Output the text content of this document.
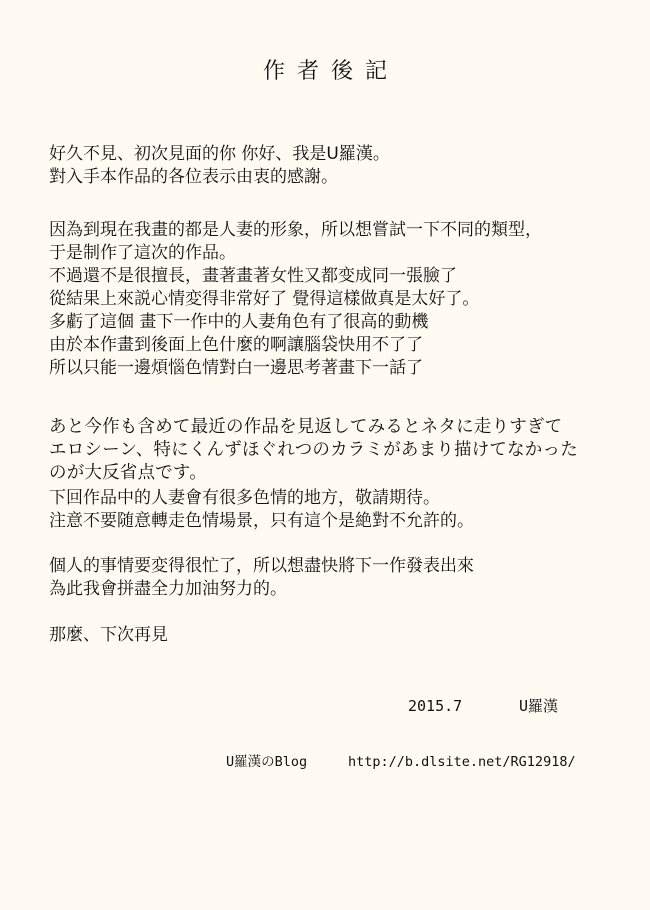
作者後記
好久不見、初次見面的你 你好、我是U羅漢。
對入手本作品的各位表示由衷的感謝。
因為到現在我畫的都是人妻的形象，所以想嘗試一下不同的類型，
于是制作了這次的作品。
不過還不是很擅長，畫著畫著女性又都变成同一張臉了
從結果上來説心情変得非常好了 覺得這樣做真是太好了。
多虧了這個 畫下一作中的人妻角色有了很高的動機
由於本作畫到後面上色什麼的啊讓腦袋快用不了了
所以只能一邊煩惱色情對白一邊思考著畫下一話了
あと今作も含めて最近の作品を見返してみるとネタに走りすぎて
エロシーン、特にくんずほぐれつのカラミがあまり描けてなかった
のが大反省点です。
下回作品中的人妻會有很多色情的地方，敬請期待。
注意不要随意轉走色情場景，只有這个是絶對不允許的。
個人的事情要変得很忙了，所以想盡快將下一作發表出來
為此我會拼盡全力加油努力的。
那麼、下次再見
2015.7	U羅漢
U羅漢のBlog	http://b.dlsite.net/RG12918/
